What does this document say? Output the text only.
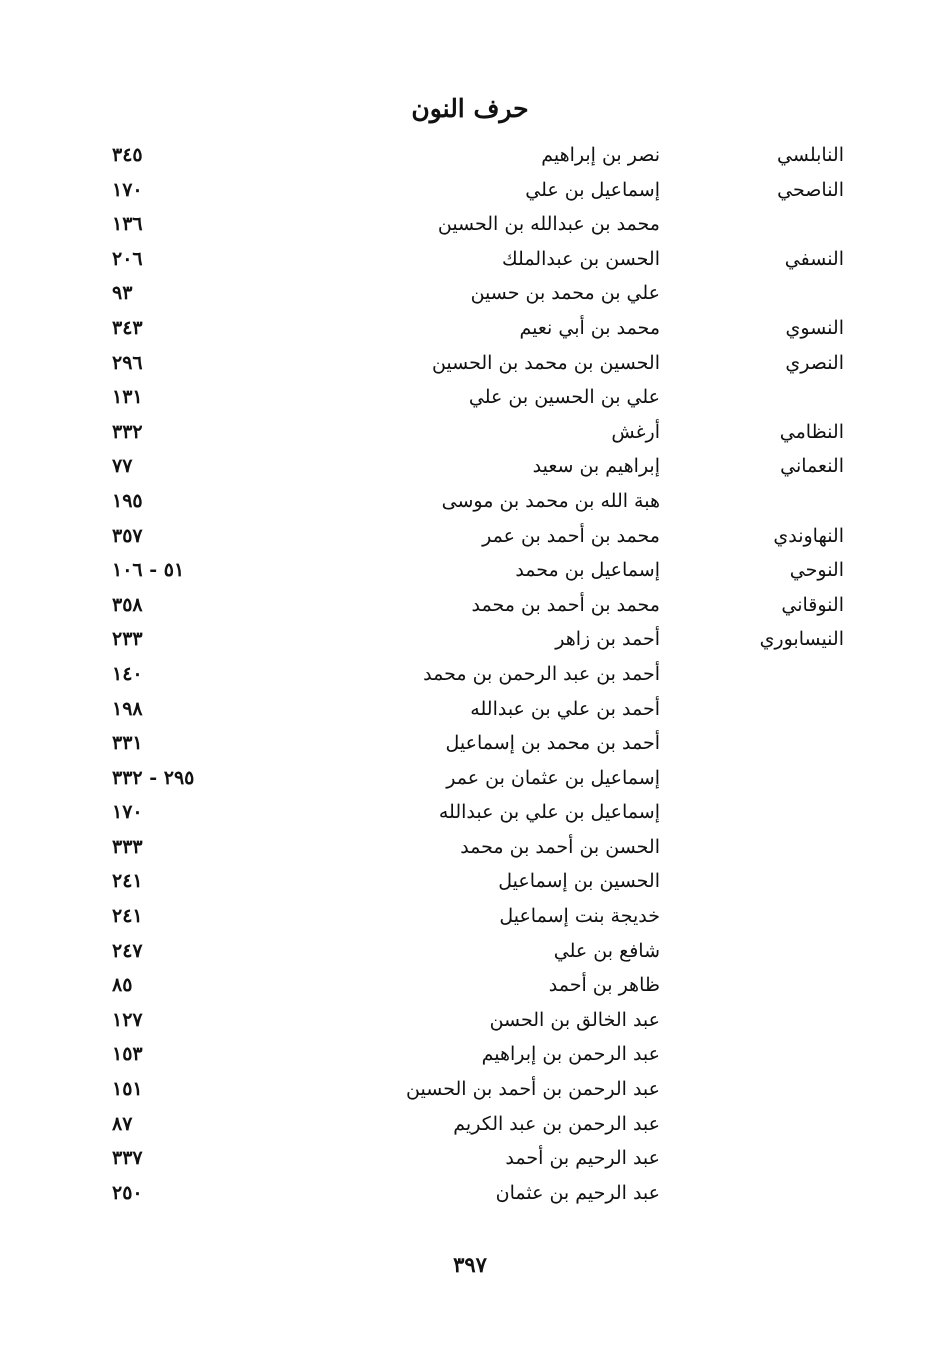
حرف النون
النابلسي
نصر بن إبراهيم
٣٤٥
الناصحي
إسماعيل بن علي
١٧٠
محمد بن عبدالله بن الحسين
١٣٦
النسفي
الحسن بن عبدالملك
٢٠٦
علي بن محمد بن حسين
٩٣
النسوي
محمد بن أبي نعيم
٣٤٣
النصري
الحسين بن محمد بن الحسين
٢٩٦
علي بن الحسين بن علي
١٣١
النظامي
أرغش
٣٣٢
النعماني
إبراهيم بن سعيد
٧٧
هبة الله بن محمد بن موسى
١٩٥
النهاوندي
محمد بن أحمد بن عمر
٣٥٧
النوحي
إسماعيل بن محمد
٥١ - ١٠٦
النوقاني
محمد بن أحمد بن محمد
٣٥٨
النيسابوري
أحمد بن زاهر
٢٣٣
أحمد بن عبد الرحمن بن محمد
١٤٠
أحمد بن علي بن عبدالله
١٩٨
أحمد بن محمد بن إسماعيل
٣٣١
إسماعيل بن عثمان بن عمر
٢٩٥ - ٣٣٢
إسماعيل بن علي بن عبدالله
١٧٠
الحسن بن أحمد بن محمد
٣٣٣
الحسين بن إسماعيل
٢٤١
خديجة بنت إسماعيل
٢٤١
شافع بن علي
٢٤٧
ظاهر بن أحمد
٨٥
عبد الخالق بن الحسن
١٢٧
عبد الرحمن بن إبراهيم
١٥٣
عبد الرحمن بن أحمد بن الحسين
١٥١
عبد الرحمن بن عبد الكريم
٨٧
عبد الرحيم بن أحمد
٣٣٧
عبد الرحيم بن عثمان
٢٥٠
٣٩٧
